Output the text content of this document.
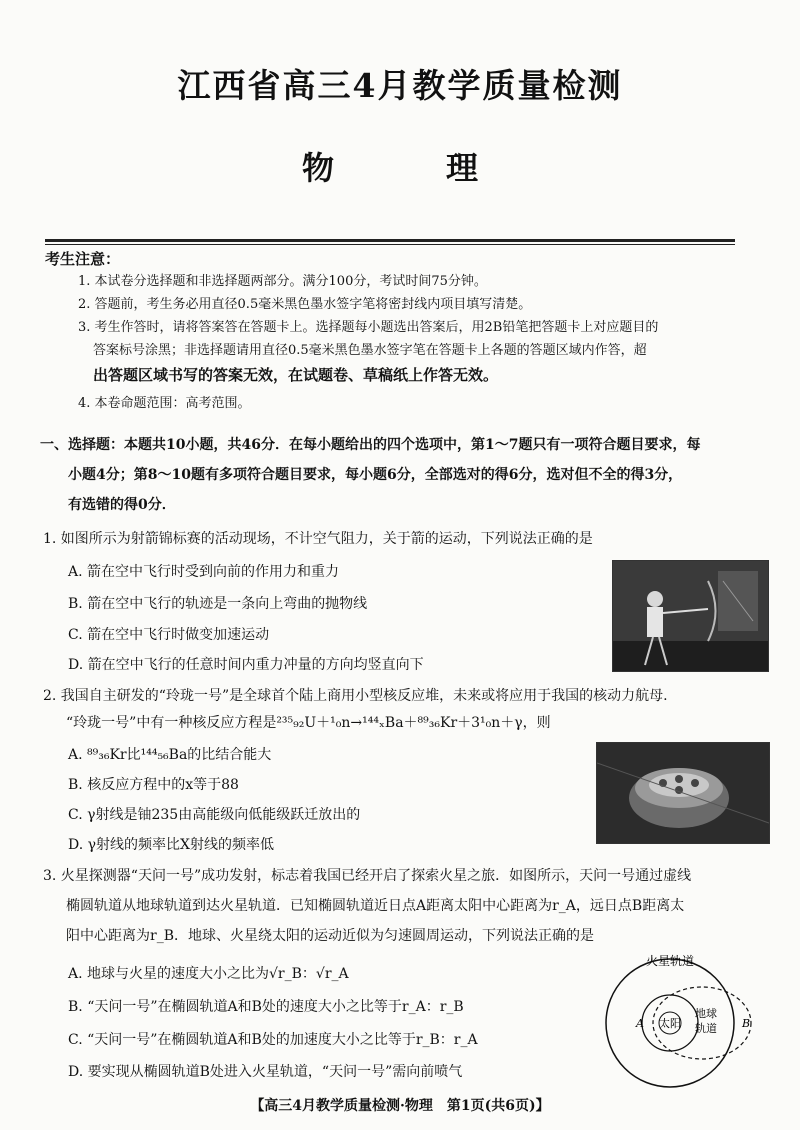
江西省高三4月教学质量检测
物　理
考生注意：
1. 本试卷分选择题和非选择题两部分。满分100分，考试时间75分钟。
2. 答题前，考生务必用直径0.5毫米黑色墨水签字笔将密封线内项目填写清楚。
3. 考生作答时，请将答案答在答题卡上。选择题每小题选出答案后，用2B铅笔把答题卡上对应题目的
答案标号涂黑；非选择题请用直径0.5毫米黑色墨水签字笔在答题卡上各题的答题区域内作答，超
出答题区域书写的答案无效，在试题卷、草稿纸上作答无效。
4. 本卷命题范围：高考范围。
一、选择题：本题共10小题，共46分．在每小题给出的四个选项中，第1～7题只有一项符合题目要求，每
小题4分；第8～10题有多项符合题目要求，每小题6分，全部选对的得6分，选对但不全的得3分，
有选错的得0分．
1. 如图所示为射箭锦标赛的活动现场，不计空气阻力，关于箭的运动，下列说法正确的是
A. 箭在空中飞行时受到向前的作用力和重力
B. 箭在空中飞行的轨迹是一条向上弯曲的抛物线
C. 箭在空中飞行时做变加速运动
D. 箭在空中飞行的任意时间内重力冲量的方向均竖直向下
2. 我国自主研发的“玲珑一号”是全球首个陆上商用小型核反应堆，未来或将应用于我国的核动力航母.
“玲珑一号”中有一种核反应方程是²³⁵₉₂U＋¹₀n→¹⁴⁴ₓBa＋⁸⁹₃₆Kr＋3¹₀n＋γ，则
A. ⁸⁹₃₆Kr比¹⁴⁴₅₆Ba的比结合能大
B. 核反应方程中的x等于88
C. γ射线是铀235由高能级向低能级跃迁放出的
D. γ射线的频率比X射线的频率低
3. 火星探测器“天问一号”成功发射，标志着我国已经开启了探索火星之旅．如图所示，天问一号通过虚线
椭圆轨道从地球轨道到达火星轨道．已知椭圆轨道近日点A距离太阳中心距离为r_A，远日点B距离太
阳中心距离为r_B．地球、火星绕太阳的运动近似为匀速圆周运动，下列说法正确的是
A. 地球与火星的速度大小之比为√r_B：√r_A
B. “天问一号”在椭圆轨道A和B处的速度大小之比等于r_A：r_B
C. “天问一号”在椭圆轨道A和B处的加速度大小之比等于r_B：r_A
D. 要实现从椭圆轨道B处进入火星轨道，“天问一号”需向前喷气
火星轨道
太阳
地球
轨道
A	B
【高三4月教学质量检测·物理　第1页(共6页)】
